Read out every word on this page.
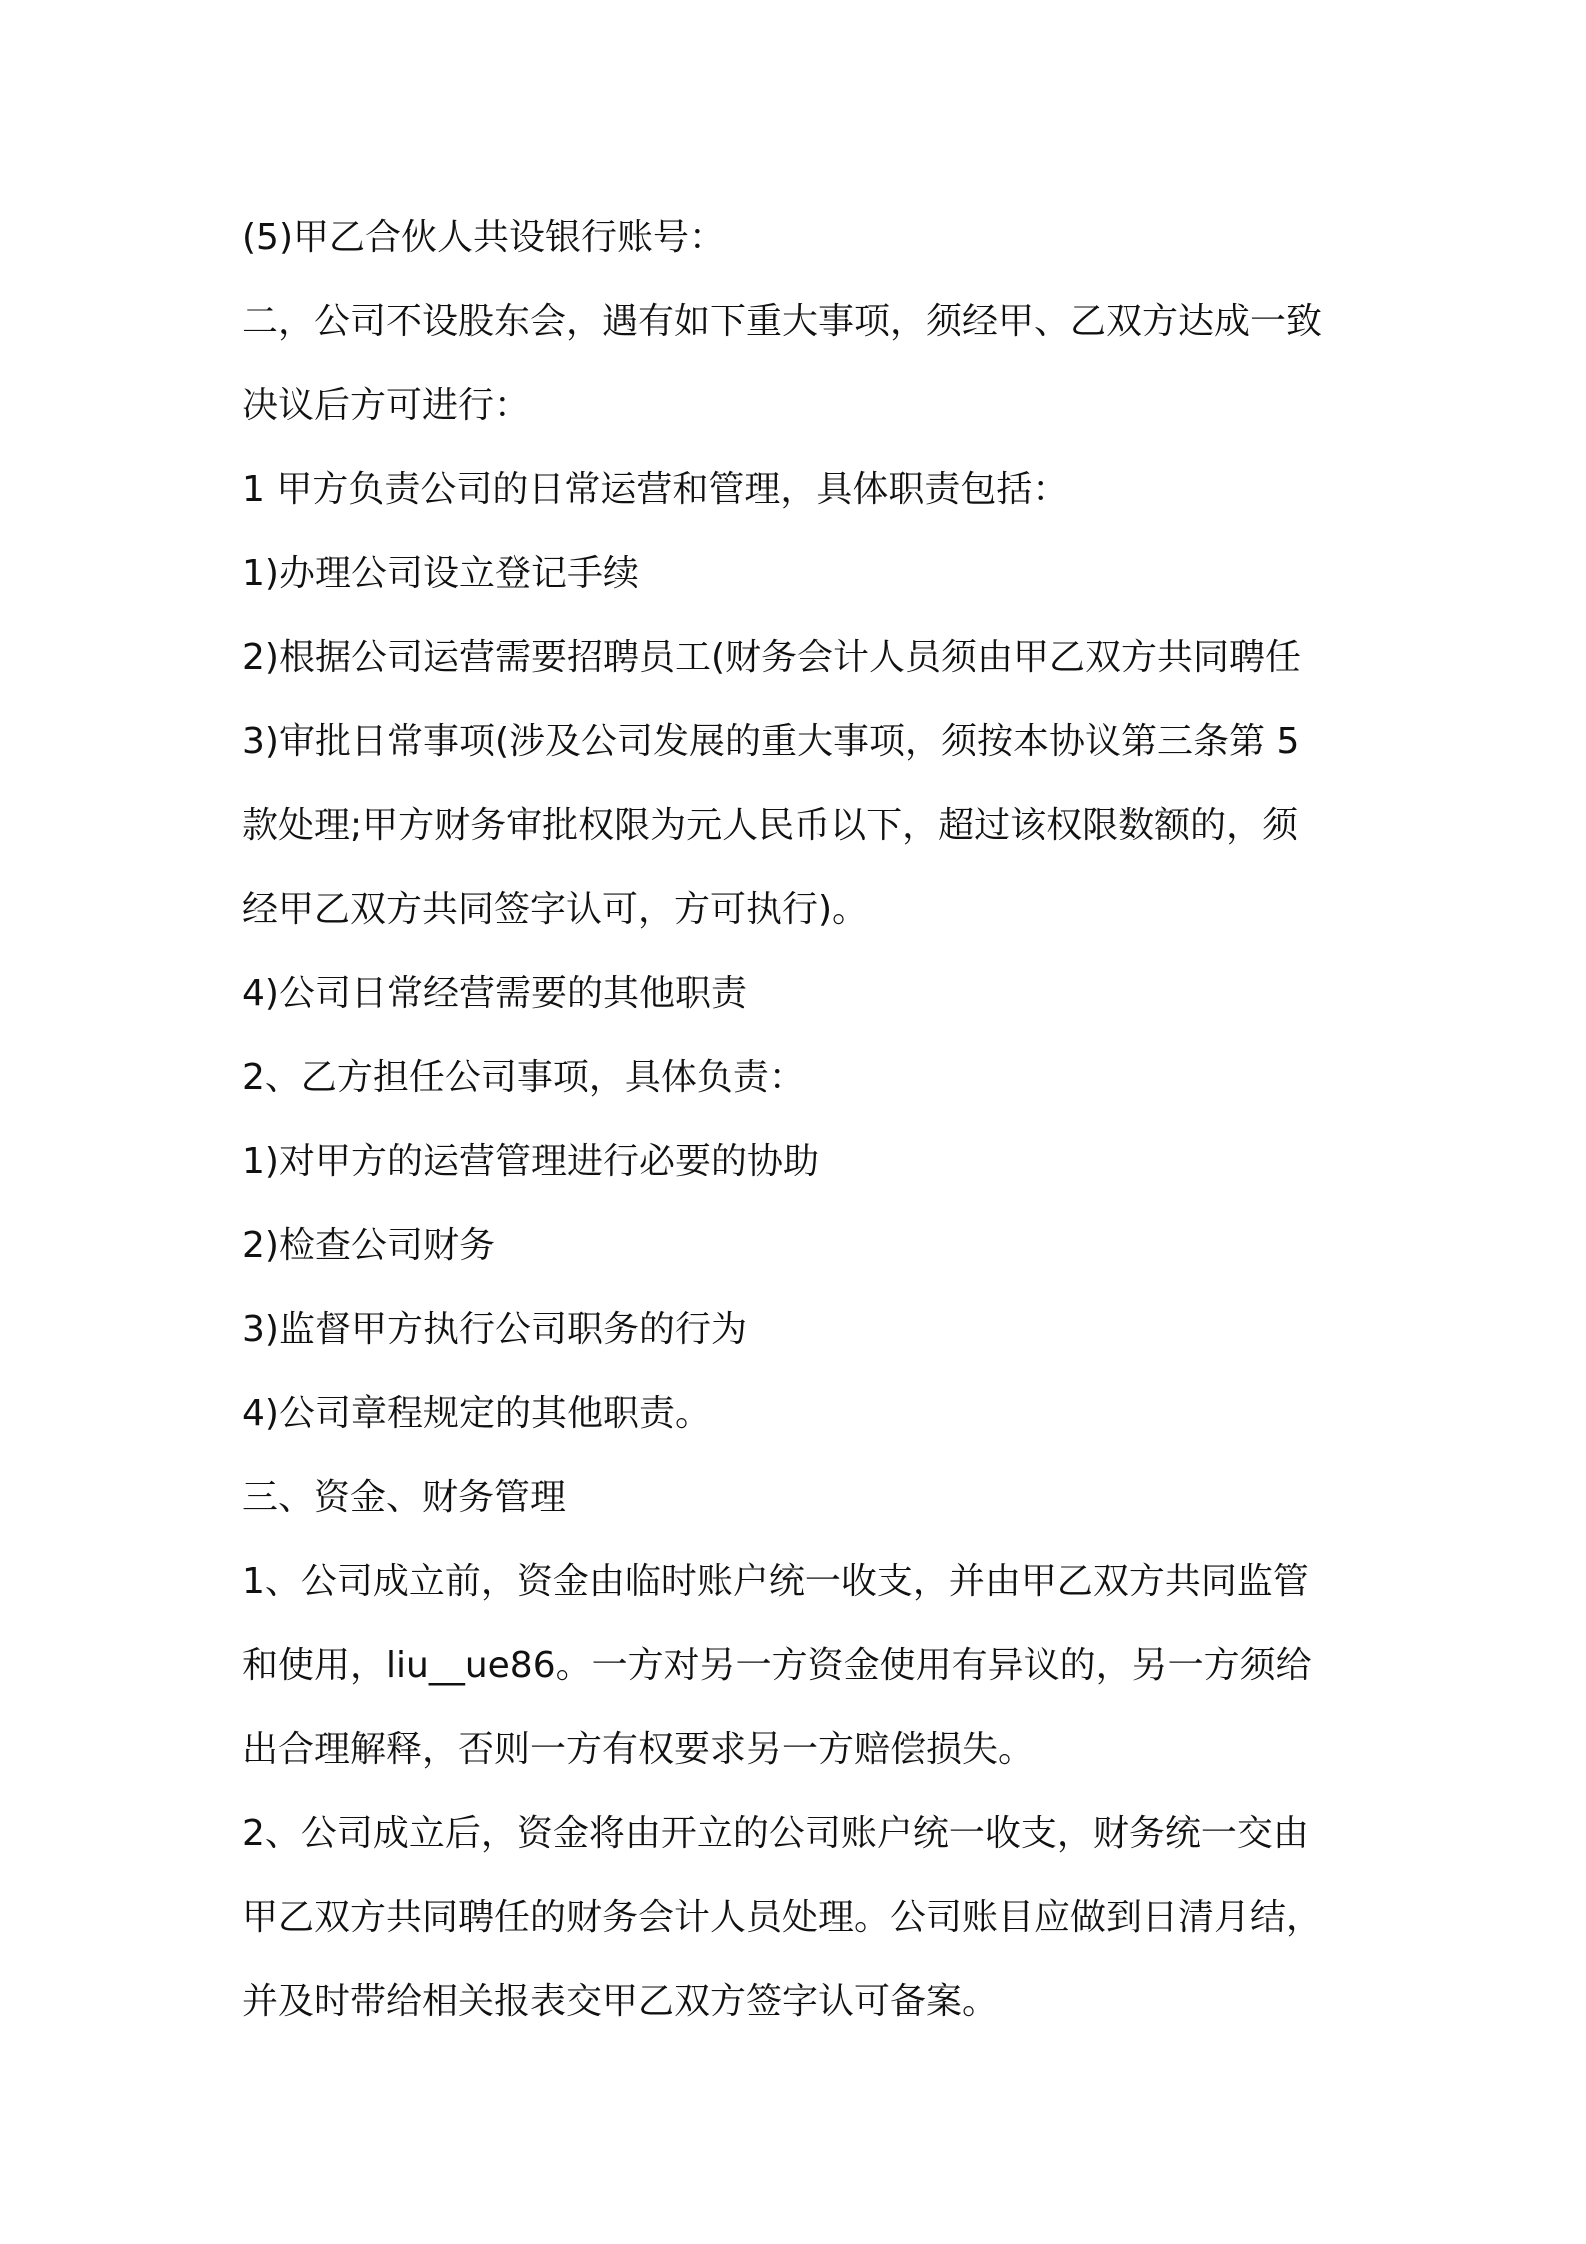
(5)甲乙合伙人共设银行账号：

二，公司不设股东会，遇有如下重大事项，须经甲、乙双方达成一致

决议后方可进行：

1 甲方负责公司的日常运营和管理，具体职责包括：

1)办理公司设立登记手续

2)根据公司运营需要招聘员工(财务会计人员须由甲乙双方共同聘任

3)审批日常事项(涉及公司发展的重大事项，须按本协议第三条第 5

款处理;甲方财务审批权限为元人民币以下，超过该权限数额的，须

经甲乙双方共同签字认可，方可执行)。

4)公司日常经营需要的其他职责

2、乙方担任公司事项，具体负责：

1)对甲方的运营管理进行必要的协助

2)检查公司财务

3)监督甲方执行公司职务的行为

4)公司章程规定的其他职责。

三、资金、财务管理

1、公司成立前，资金由临时账户统一收支，并由甲乙双方共同监管

和使用，liu__ue86。一方对另一方资金使用有异议的，另一方须给

出合理解释，否则一方有权要求另一方赔偿损失。

2、公司成立后，资金将由开立的公司账户统一收支，财务统一交由

甲乙双方共同聘任的财务会计人员处理。公司账目应做到日清月结，

并及时带给相关报表交甲乙双方签字认可备案。
